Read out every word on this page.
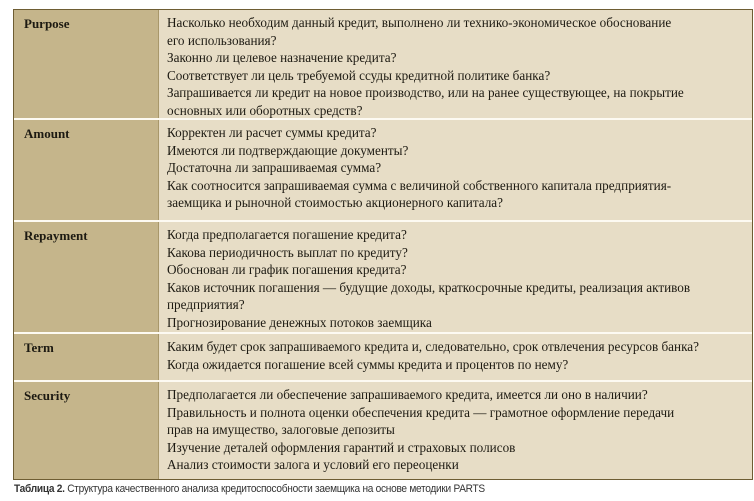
Purpose	Насколько необходим данный кредит, выполнено ли технико-экономическое обоснование
его использования?
Законно ли целевое назначение кредита?
Соответствует ли цель требуемой ссуды кредитной политике банка?
Запрашивается ли кредит на новое производство, или на ранее существующее, на покрытие
основных или оборотных средств?
Amount	Корректен ли расчет суммы кредита?
Имеются ли подтверждающие документы?
Достаточна ли запрашиваемая сумма?
Как соотносится запрашиваемая сумма с величиной собственного капитала предприятия-
заемщика и рыночной стоимостью акционерного капитала?
Repayment	Когда предполагается погашение кредита?
Какова периодичность выплат по кредиту?
Обоснован ли график погашения кредита?
Каков источник погашения — будущие доходы, краткосрочные кредиты, реализация активов
предприятия?
Прогнозирование денежных потоков заемщика
Term	Каким будет срок запрашиваемого кредита и, следовательно, срок отвлечения ресурсов банка?
Когда ожидается погашение всей суммы кредита и процентов по нему?
Security	Предполагается ли обеспечение запрашиваемого кредита, имеется ли оно в наличии?
Правильность и полнота оценки обеспечения кредита — грамотное оформление передачи
прав на имущество, залоговые депозиты
Изучение деталей оформления гарантий и страховых полисов
Анализ стоимости залога и условий его переоценки
Таблица 2. Структура качественного анализа кредитоспособности заемщика на основе методики PARTS
